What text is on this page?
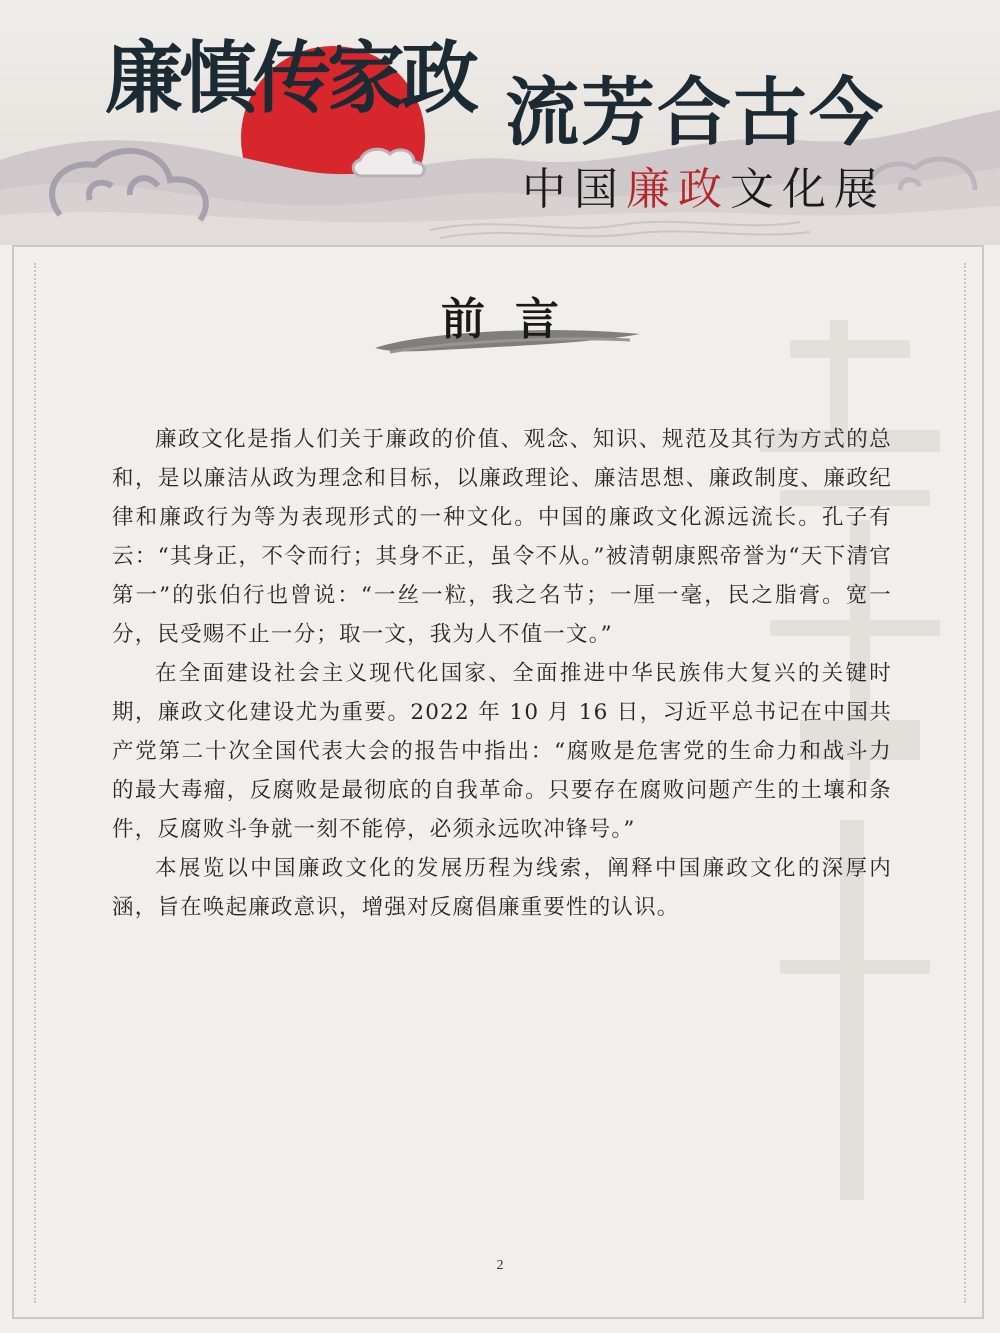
廉慎传家政 流芳合古今
中国廉政文化展
前言

廉政文化是指人们关于廉政的价值、观念、知识、规范及其行为方式的总和，是以廉洁从政为理念和目标，以廉政理论、廉洁思想、廉政制度、廉政纪律和廉政行为等为表现形式的一种文化。中国的廉政文化源远流长。孔子有云：“其身正，不令而行；其身不正，虽令不从。”被清朝康熙帝誉为“天下清官第一”的张伯行也曾说：“一丝一粒，我之名节；一厘一毫，民之脂膏。宽一分，民受赐不止一分；取一文，我为人不值一文。”

在全面建设社会主义现代化国家、全面推进中华民族伟大复兴的关键时期，廉政文化建设尤为重要。2022 年 10 月 16 日，习近平总书记在中国共产党第二十次全国代表大会的报告中指出：“腐败是危害党的生命力和战斗力的最大毒瘤，反腐败是最彻底的自我革命。只要存在腐败问题产生的土壤和条件，反腐败斗争就一刻不能停，必须永远吹冲锋号。”

本展览以中国廉政文化的发展历程为线索，阐释中国廉政文化的深厚内涵，旨在唤起廉政意识，增强对反腐倡廉重要性的认识。

2
